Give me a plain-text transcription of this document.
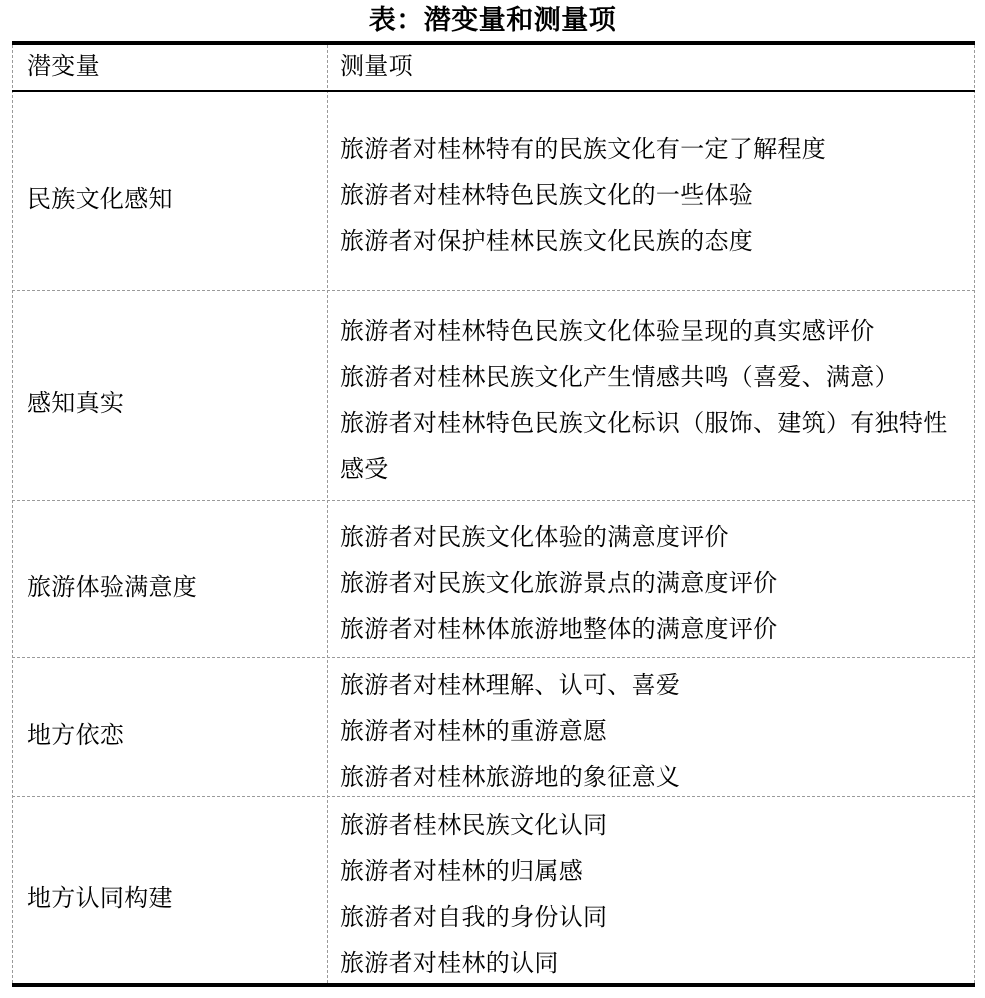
表：潜变量和测量项
潜变量	测量项
民族文化感知
旅游者对桂林特有的民族文化有一定了解程度
旅游者对桂林特色民族文化的一些体验
旅游者对保护桂林民族文化民族的态度
感知真实
旅游者对桂林特色民族文化体验呈现的真实感评价
旅游者对桂林民族文化产生情感共鸣（喜爱、满意）
旅游者对桂林特色民族文化标识（服饰、建筑）有独特性感受
旅游体验满意度
旅游者对民族文化体验的满意度评价
旅游者对民族文化旅游景点的满意度评价
旅游者对桂林体旅游地整体的满意度评价
地方依恋
旅游者对桂林理解、认可、喜爱
旅游者对桂林的重游意愿
旅游者对桂林旅游地的象征意义
地方认同构建
旅游者桂林民族文化认同
旅游者对桂林的归属感
旅游者对自我的身份认同
旅游者对桂林的认同
